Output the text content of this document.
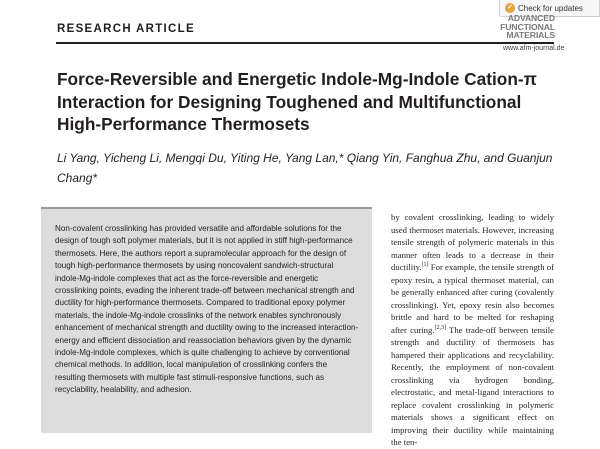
✓ Check for updates
RESEARCH ARTICLE
ADVANCED
FUNCTIONAL
MATERIALS
www.afm-journal.de
Force-Reversible and Energetic Indole-Mg-Indole Cation-π Interaction for Designing Toughened and Multifunctional High-Performance Thermosets

Li Yang, Yicheng Li, Mengqi Du, Yiting He, Yang Lan,* Qiang Yin, Fanghua Zhu, and Guanjun Chang*

Non-covalent crosslinking has provided versatile and affordable solutions for the design of tough soft polymer materials, but it is not applied in stiff high-performance thermosets. Here, the authors report a supramolecular approach for the design of tough high-performance thermosets by using noncovalent sandwich-structural indole-Mg-indole complexes that act as the force-reversible and energetic crosslinking points, evading the inherent trade-off between mechanical strength and ductility for high-performance thermosets. Compared to traditional epoxy polymer materials, the indole-Mg-indole crosslinks of the network enables synchronously enhancement of mechanical strength and ductility owing to the increased interaction-energy and efficient dissociation and reassociation behaviors given by the dynamic indole-Mg-indole complexes, which is quite challenging to achieve by conventional chemical methods. In addition, local manipulation of crosslinking confers the resulting thermosets with multiple fast stimuli-responsive functions, such as recyclability, healability, and adhesion.

by covalent crosslinking, leading to widely used thermoset materials. However, increasing tensile strength of polymeric materials in this manner often leads to a decrease in their ductility.[1] For example, the tensile strength of epoxy resin, a typical thermoset material, can be generally enhanced after curing (covalently crosslinking). Yet, epoxy resin also becomes brittle and hard to be melted for reshaping after curing.[2,3] The trade-off between tensile strength and ductility of thermosets has hampered their applications and recyclability. Recently, the employment of non-covalent crosslinking via hydrogen bonding, electrostatic, and metal-ligand interactions to replace covalent crosslinking in polymeric materials shows a significant effect on improving their ductility while maintaining the ten-
